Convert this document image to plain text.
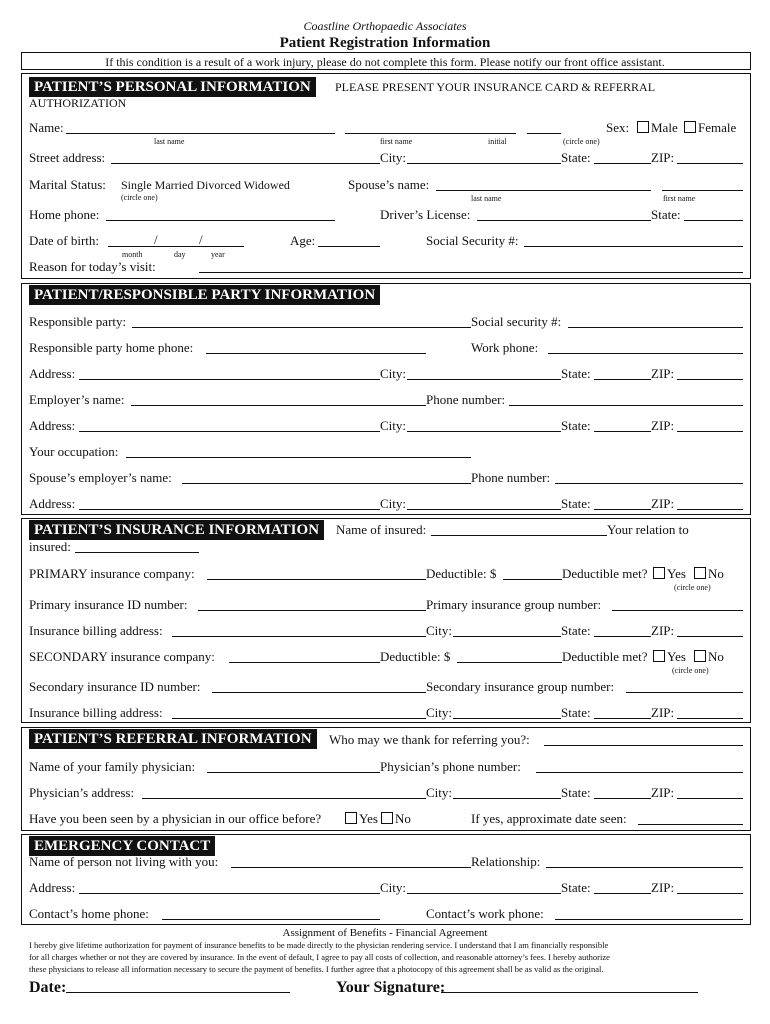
Coastline Orthopaedic Associates
Patient Registration Information
If this condition is a result of a work injury, please do not complete this form. Please notify our front office assistant.
PATIENT’S PERSONAL INFORMATION	PLEASE PRESENT YOUR INSURANCE CARD & REFERRAL
AUTHORIZATION
Name:
last name	first name	initial	(circle one)
Sex: Male Female
Street address:	City:	State:	ZIP:
Marital Status: Single Married Divorced Widowed
(circle one)
Spouse’s name:
last name	first name
Home phone:	Driver’s License:	State:
Date of birth:	/	/
month	day	year
Age:	Social Security #:
Reason for today’s visit:
PATIENT/RESPONSIBLE PARTY INFORMATION
Responsible party:	Social security #:
Responsible party home phone:	Work phone:
Address:	City:	State:	ZIP:
Employer’s name:	Phone number:
Address:	City:	State:	ZIP:
Your occupation:
Spouse’s employer’s name:	Phone number:
Address:	City:	State:	ZIP:
PATIENT’S INSURANCE INFORMATION	Name of insured:	Your relation to
insured:
PRIMARY insurance company:	Deductible: $	Deductible met? Yes No
(circle one)
Primary insurance ID number:	Primary insurance group number:
Insurance billing address:	City:	State:	ZIP:
SECONDARY insurance company:	Deductible: $	Deductible met? Yes No
(circle one)
Secondary insurance ID number:	Secondary insurance group number:
Insurance billing address:	City:	State:	ZIP:
PATIENT’S REFERRAL INFORMATION	Who may we thank for referring you?:
Name of your family physician:	Physician’s phone number:
Physician’s address:	City:	State:	ZIP:
Have you been seen by a physician in our office before?	Yes No	If yes, approximate date seen:
EMERGENCY CONTACT
Name of person not living with you:	Relationship:
Address:	City:	State:	ZIP:
Contact’s home phone:	Contact’s work phone:
Assignment of Benefits - Financial Agreement
I hereby give lifetime authorization for payment of insurance benefits to be made directly to the physician rendering service. I understand that I am financially responsible
for all charges whether or not they are covered by insurance. In the event of default, I agree to pay all costs of collection, and reasonable attorney’s fees. I hereby authorize
these physicians to release all information necessary to secure the payment of benefits. I further agree that a photocopy of this agreement shall be as valid as the original.
Date:	Your Signature:
